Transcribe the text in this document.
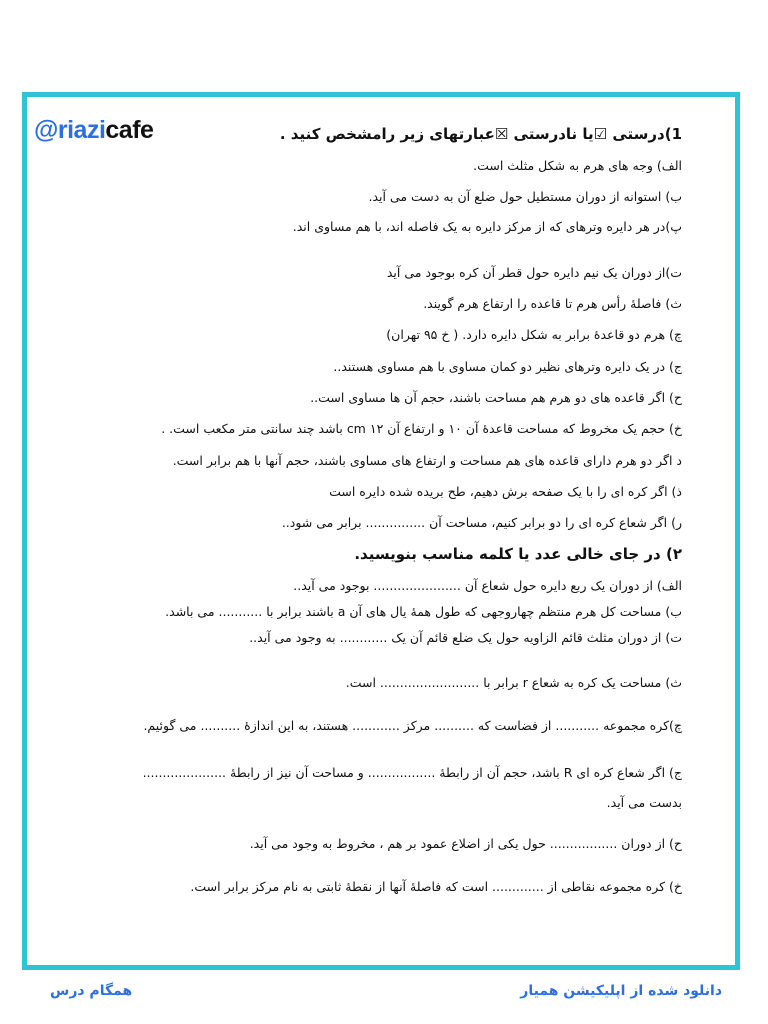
@riazicafe	1)درستی ☑یا نادرستی ☒عبارتهای زیر رامشخص کنید .
الف) وجه های هرم به شکل مثلث است.
ب) استوانه از دوران مستطیل حول ضلع آن به دست می آید.
پ)در هر دایره وترهای که از مرکز دایره به یک فاصله اند، با هم مساوی اند.
ت)از دوران یک نیم دایره حول قطر آن کره بوجود می آید
ث) فاصلهٔ رأس هرم تا قاعده را ارتفاع هرم گویند.
چ) هرم دو قاعدهٔ برابر به شکل دایره دارد. ( خ ۹۵ تهران)
ج) در یک دایره وترهای نظیر دو کمان مساوی با هم مساوی هستند..
ح) اگر قاعده های دو هرم هم مساحت باشند، حجم آن ها مساوی است..
خ) حجم یک مخروط که مساحت قاعدهٔ آن ۱۰ و ارتفاع آن ۱۲ cm باشد چند سانتی متر مکعب است. .
د اگر دو هرم دارای قاعده های هم مساحت و ارتفاع های مساوی باشند، حجم آنها با هم برابر است.
ذ) اگر کره ای را با یک صفحه برش دهیم، طح بریده شده دایره است
ر) اگر شعاع کره ای را دو برابر کنیم، مساحت آن ............... برابر می شود..
۲) در جای خالی عدد یا کلمه مناسب بنویسید.
الف) از دوران یک ربع دایره حول شعاع آن ...................... بوجود می آید..
ب) مساحت کل هرم منتظم چهاروجهی که طول همهٔ یال های آن a باشند برابر با ........... می باشد.
ت) از دوران مثلث قائم الزاویه حول یک ضلع قائم آن یک ............ به وجود می آید..
ث) مساحت یک کره به شعاع r برابر با ......................... است.
چ)کره مجموعه ........... از فضاست که .......... مرکز ............ هستند، به این اندازهٔ .......... می گوئیم.
ج) اگر شعاع کره ای R باشد، حجم آن از رابطهٔ ................. و مساحت آن نیز از رابطهٔ ..................... بدست می آید.
ح) از دوران ................. حول یکی از اضلاع عمود بر هم ، مخروط به وجود می آید.
خ) کره مجموعه نقاطی از ............. است که فاصلهٔ آنها از نقطهٔ ثابتی به نام مرکز برابر است.
همگام درس	دانلود شده از اپلیکیشن همیار
